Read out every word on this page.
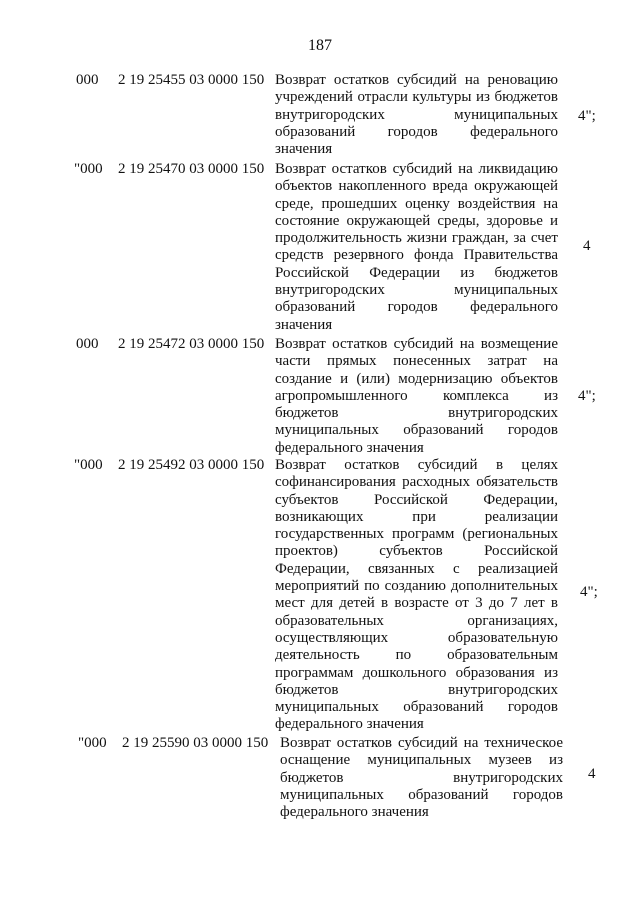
187
000 2 19 25455 03 0000 150 Возврат остатков субсидий на реновацию
учреждений отрасли культуры из бюджетов
внутригородских муниципальных
образований городов федерального
значения
4";
"000 2 19 25470 03 0000 150 Возврат остатков субсидий на ликвидацию
объектов накопленного вреда окружающей
среде, прошедших оценку воздействия на
состояние окружающей среды, здоровье и
продолжительность жизни граждан, за счет
средств резервного фонда Правительства
Российской Федерации из бюджетов
внутригородских муниципальных
образований городов федерального
значения
4
000 2 19 25472 03 0000 150 Возврат остатков субсидий на возмещение
части прямых понесенных затрат на
создание и (или) модернизацию объектов
агропромышленного комплекса из
бюджетов внутригородских
муниципальных образований городов
федерального значения
4";
"000 2 19 25492 03 0000 150 Возврат остатков субсидий в целях
софинансирования расходных обязательств
субъектов Российской Федерации,
возникающих при реализации
государственных программ (региональных
проектов) субъектов Российской
Федерации, связанных с реализацией
мероприятий по созданию дополнительных
мест для детей в возрасте от 3 до 7 лет в
образовательных организациях,
осуществляющих образовательную
деятельность по образовательным
программам дошкольного образования из
бюджетов внутригородских
муниципальных образований городов
федерального значения
4";
"000 2 19 25590 03 0000 150 Возврат остатков субсидий на техническое
оснащение муниципальных музеев из
бюджетов внутригородских
муниципальных образований городов
федерального значения
4
